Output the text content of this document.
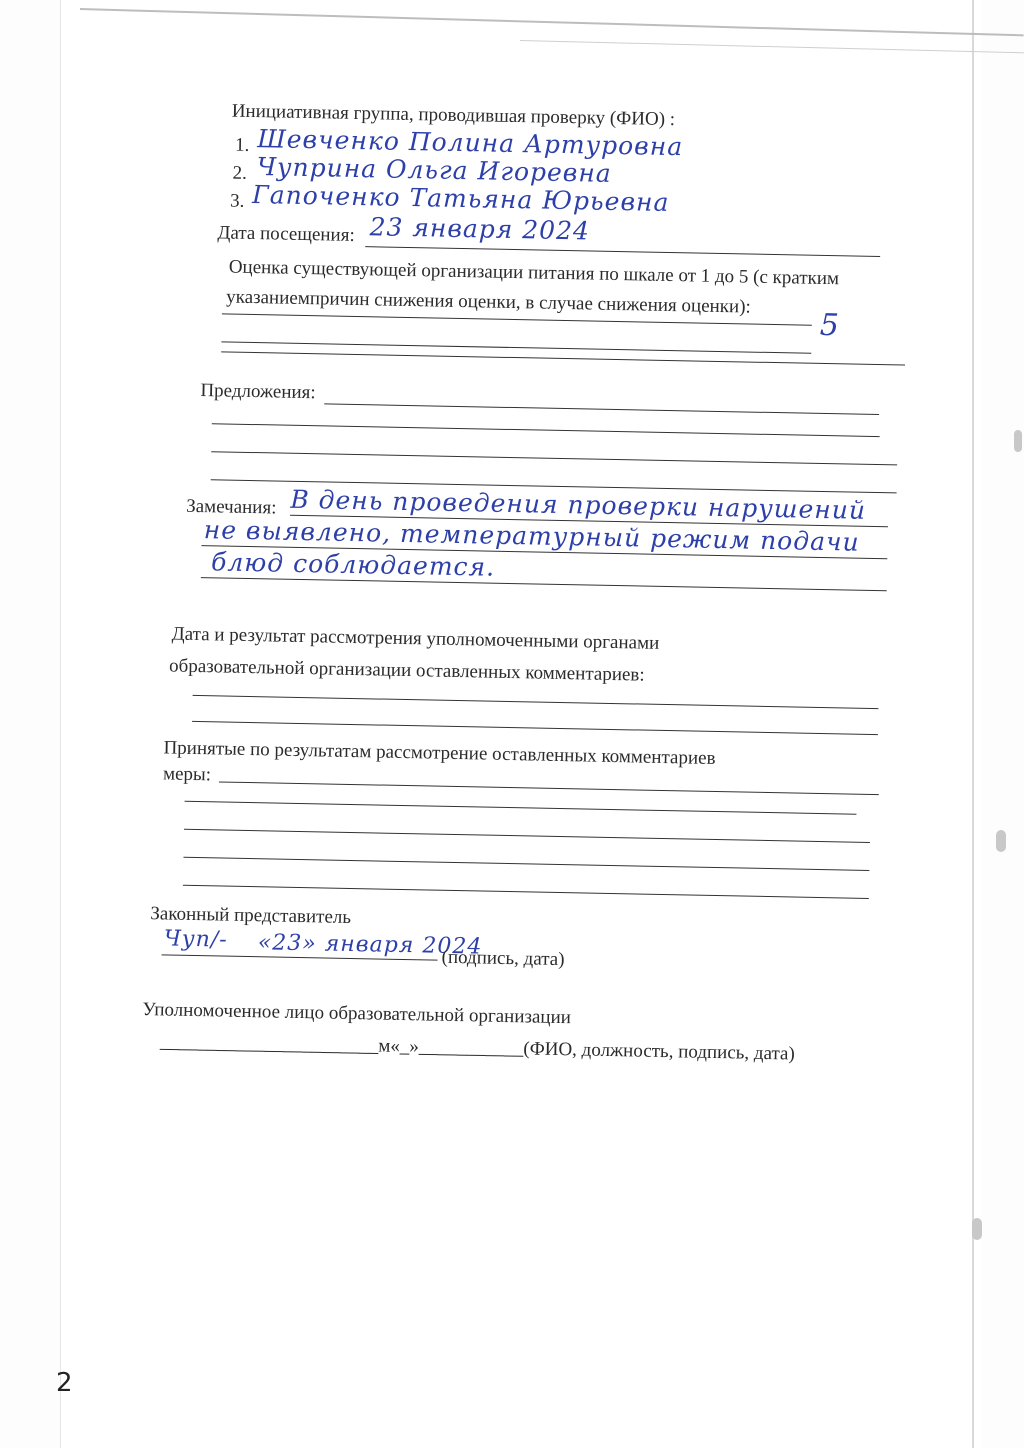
Инициативная группа, проводившая проверку (ФИО) :
1. Шевченко Полина Артуровна
2. Чуприна Ольга Игоревна
3. Гапоченко Татьяна Юрьевна
Дата посещения: 23 января 2024
Оценка существующей организации питания по шкале от 1 до 5 (с кратким
указаниемпричин снижения оценки, в случае снижения оценки):
5
Предложения:
Замечания: В день проведения проверки нарушений
не выявлено, температурный режим подачи
блюд соблюдается.
Дата и результат рассмотрения уполномоченными органами
образовательной организации оставленных комментариев:
Принятые по результатам рассмотрение оставленных комментариев
меры:
Законный представитель
Чуп/- «23» января 2024
(подпись, дата)
Уполномоченное лицо образовательной организации
_______________________м«_»___________(ФИО, должность, подпись, дата)
2
